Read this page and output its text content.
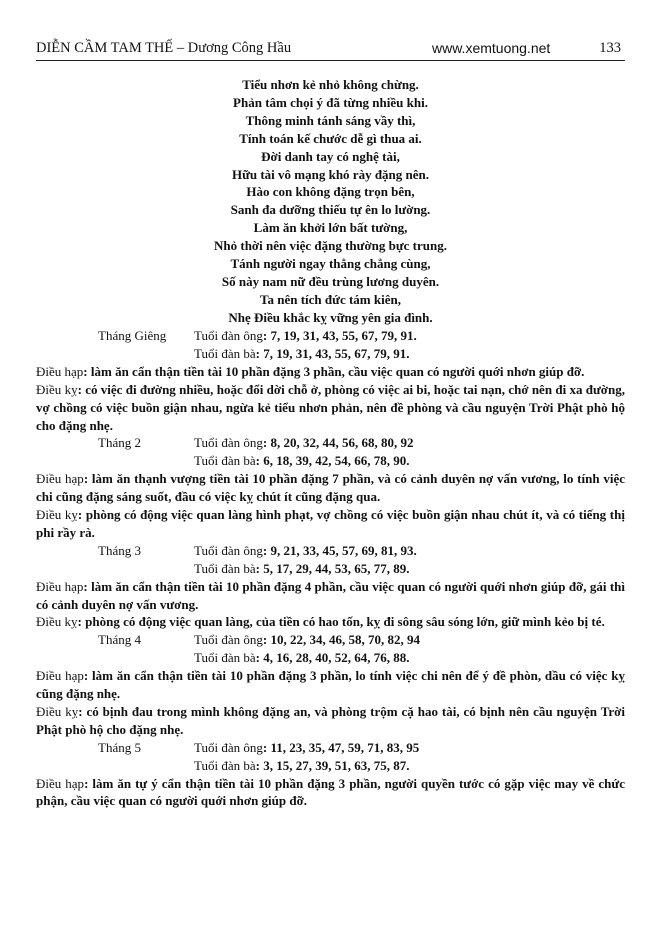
DIỄN CẦM TAM THẾ – Dương Công Hầu	www.xemtuong.net	133
Tiểu nhơn kẻ nhỏ không chừng.
Phản tâm chọi ý đã từng nhiều khi.
Thông minh tánh sáng vầy thì,
Tính toán kế chước dễ gì thua ai.
Đời danh tay có nghệ tài,
Hữu tài vô mạng khó rày đặng nên.
Hào con không đặng trọn bên,
Sanh đa dưỡng thiếu tự ên lo lường.
Làm ăn khởi lớn bất tường,
Nhỏ thời nên việc đặng thường bực trung.
Tánh người ngay thẳng chẳng cùng,
Số này nam nữ đều trùng lương duyên.
Ta nên tích đức tám kiên,
Nhẹ Điều khắc kỵ vững yên gia đình.
Tháng Giêng Tuổi đàn ông: 7, 19, 31, 43, 55, 67, 79, 91.
Tuổi đàn bà: 7, 19, 31, 43, 55, 67, 79, 91.
Điều hạp: làm ăn cẩn thận tiền tài 10 phần đặng 3 phần, cầu việc quan có người quới nhơn giúp đỡ.
Điều kỵ: có việc đi đường nhiều, hoặc đổi dời chỗ ở, phòng có việc ai bi, hoặc tai nạn, chớ nên đi xa đường, vợ chồng có việc buồn giận nhau, ngừa kẻ tiểu nhơn phản, nên đề phòng và cầu nguyện Trời Phật phò hộ cho đặng nhẹ.
Tháng 2	Tuổi đàn ông: 8, 20, 32, 44, 56, 68, 80, 92
Tuổi đàn bà: 6, 18, 39, 42, 54, 66, 78, 90.
Điều hạp: làm ăn thạnh vượng tiền tài 10 phần đặng 7 phần, và có cảnh duyên nợ vấn vương, lo tính việc chi cũng đặng sáng suốt, đầu có việc kỵ chút ít cũng đặng qua.
Điều kỵ: phòng có động việc quan làng hình phạt, vợ chồng có việc buồn giận nhau chút ít, và có tiếng thị phi rầy rà.
Tháng 3	Tuổi đàn ông: 9, 21, 33, 45, 57, 69, 81, 93.
Tuổi đàn bà: 5, 17, 29, 44, 53, 65, 77, 89.
Điều hạp: làm ăn cẩn thận tiền tài 10 phần đặng 4 phần, cầu việc quan có người quới nhơn giúp đỡ, gái thì có cảnh duyên nợ vấn vương.
Điều kỵ: phòng có động việc quan làng, của tiền có hao tốn, kỵ đi sông sâu sóng lớn, giữ mình kẻo bị té.
Tháng 4	Tuổi đàn ông: 10, 22, 34, 46, 58, 70, 82, 94
Tuổi đàn bà: 4, 16, 28, 40, 52, 64, 76, 88.
Điều hạp: làm ăn cẩn thận tiền tài 10 phần đặng 3 phần, lo tính việc chi nên để ý đề phòn, dầu có việc kỵ cũng đặng nhẹ.
Điều kỵ: có bịnh đau trong mình không đặng an, và phòng trộm cặ hao tài, có bịnh nên cầu nguyện Trời Phật phò hộ cho đặng nhẹ.
Tháng 5	Tuổi đàn ông: 11, 23, 35, 47, 59, 71, 83, 95
Tuổi đàn bà: 3, 15, 27, 39, 51, 63, 75, 87.
Điều hạp: làm ăn tự ý cẩn thận tiền tài 10 phần đặng 3 phần, người quyền tước có gặp việc may về chức phận, cầu việc quan có người quới nhơn giúp đỡ.
